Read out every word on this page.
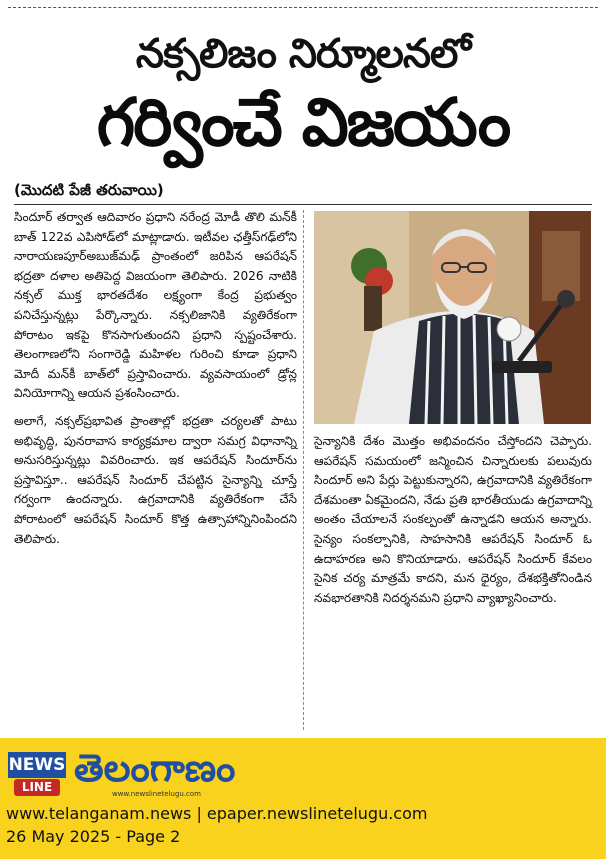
నక్సలిజం నిర్మూలనలో
గర్వించే విజయం
(మొదటి పేజీ తరువాయి)

సిందూర్ తర్వాత ఆదివారం ప్రధాని నరేంద్ర మోడీ తొలి మన్‌కీ బాత్ 122వ ఎపిసోడ్‌లో మాట్లాడారు. ఇటీవల ఛత్తీస్‌గఢ్‌లోని నారాయణపూర్‌అబుజ్‌మఢ్ ప్రాంతంలో జరిపిన ఆపరేషన్ భద్రతా దళాల అతిపెద్ద విజయంగా తెలిపారు. 2026 నాటికి నక్సల్ ముక్త భారతదేశం లక్ష్యంగా కేంద్ర ప్రభుత్వం పనిచేస్తున్నట్లు పేర్కొన్నారు. నక్సలిజానికి వ్యతిరేకంగా పోరాటం ఇకపై కొనసాగుతుందని ప్రధాని స్పష్టంచేశారు. తెలంగాణలోని సంగారెడ్డి మహిళల గురించి కూడా ప్రధాని మోదీ మన్‌కీ బాత్‌లో ప్రస్తావించారు. వ్యవసాయంలో డ్రోన్ల వినియోగాన్ని ఆయన ప్రశంసించారు.

అలాగే, నక్సల్‌ప్రభావిత ప్రాంతాల్లో భద్రతా చర్యలతో పాటు అభివృద్ధి, పునరావాస కార్యక్రమాల ద్వారా సమగ్ర విధానాన్ని అనుసరిస్తున్నట్లు వివరించారు. ఇక ఆపరేషన్ సిందూర్‌ను ప్రస్తావిస్తూ.. ఆపరేషన్ సిందూర్ చేపట్టిన సైన్యాన్ని చూస్తే గర్వంగా ఉందన్నారు. ఉగ్రవాదానికి వ్యతిరేకంగా చేసే పోరాటంలో ఆపరేషన్ సిందూర్ కొత్త ఉత్సాహాన్నినింపిందని తెలిపారు.

సైన్యానికి దేశం మొత్తం అభివందనం చేస్తోందని చెప్పారు. ఆపరేషన్ సమయంలో జన్మించిన చిన్నారులకు పలువురు సిందూర్ అని పేర్లు పెట్టుకున్నారని, ఉగ్రవాదానికి వ్యతిరేకంగా దేశమంతా ఏకమైందని, నేడు ప్రతి భారతీయుడు ఉగ్రవాదాన్ని అంతం చేయాలనే సంకల్పంతో ఉన్నాడని ఆయన అన్నారు. సైన్యం సంకల్పానికి, సాహసానికి ఆపరేషన్ సిందూర్ ఓ ఉదాహరణ అని కొనియాడారు. ఆపరేషన్ సిందూర్ కేవలం సైనిక చర్య మాత్రమే కాదని, మన ధైర్యం, దేశభక్తితోనిండిన నవభారతానికి నిదర్శనమని ప్రధాని వ్యాఖ్యానించారు.

NEWS
LINE తెలంగాణం
www.newslinetelugu.com
www.telanganam.news | epaper.newslinetelugu.com
26 May 2025 - Page 2
